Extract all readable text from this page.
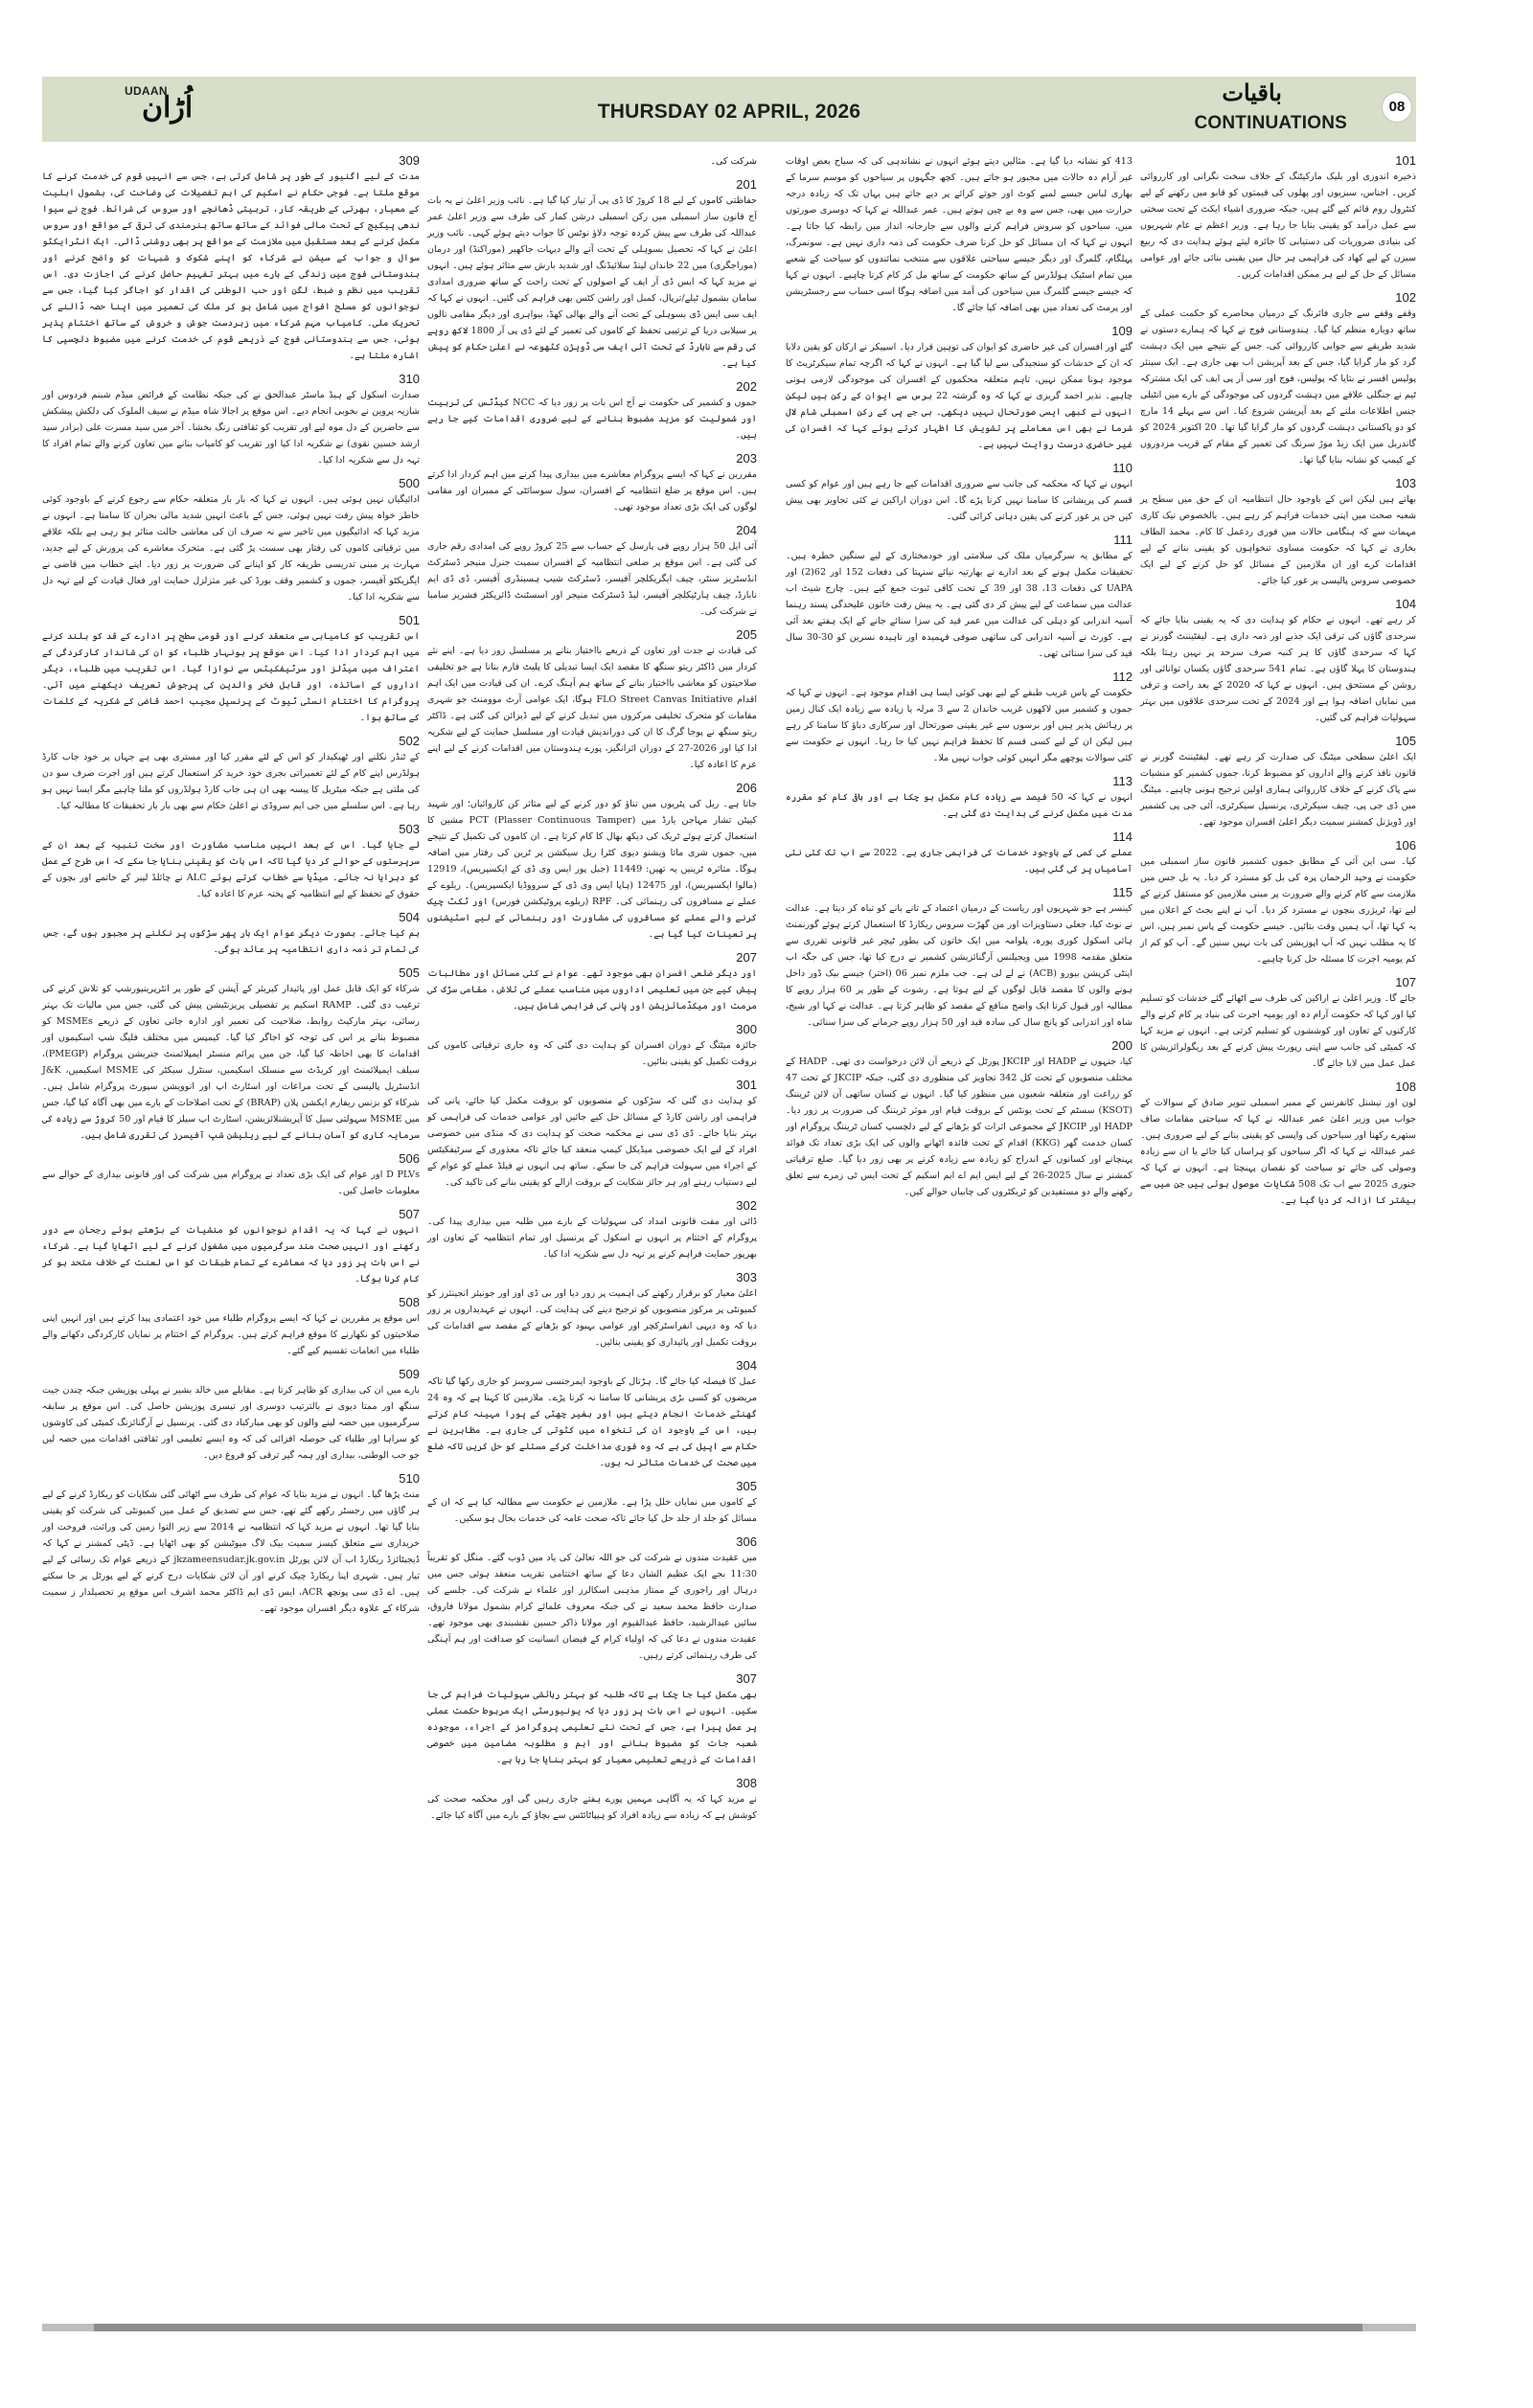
UDAAN
اُڑان	THURSDAY 02 APRIL, 2026
باقیات
CONTINUATIONS
08
309
مدت کے لیے اگنیور کے طور پر شامل کرتی ہے، جس سے انہیں قوم کی خدمت کرنے کا موقع ملتا ہے۔ فوجی حکام نے اسکیم کی اہم تفصیلات کی وضاحت کی، بشمول اہلیت کے معیار، بھرتی کے طریقہ کار، تربیتی ڈھانچے اور سروس کی شرائط۔ فوج نے سیوا ندھی پیکیج کے تحت مالی فوائد کے ساتھ ساتھ ہنرمندی کی ترقی کے مواقع اور سروس مکمل کرنے کے بعد مستقبل میں ملازمت کے مواقع پر بھی روشنی ڈالی۔ ایک انٹرایکٹو سوال و جواب کے سیشن نے شرکاء کو اپنے شکوک و شبہات کو واضح کرنے اور ہندوستانی فوج میں زندگی کے بارے میں بہتر تفہیم حاصل کرنے کی اجازت دی۔ اس تقریب میں نظم و ضبط، لگن اور حب الوطنی کی اقدار کو اجاگر کیا گیا، جس سے نوجوانوں کو مسلح افواج میں شامل ہو کر ملک کی تعمیر میں اپنا حصہ ڈالنے کی تحریک ملی۔ کامیاب مہم شرکاء میں زبردست جوش و خروش کے ساتھ اختتام پذیر ہوئی، جس سے ہندوستانی فوج کے ذریعے قوم کی خدمت کرنے میں مضبوط دلچسپی کا اشارہ ملتا ہے۔
310
صدارت اسکول کے ہیڈ ماسٹر عبدالحق نے کی جبکہ نظامت کے فرائض میڈم شبنم فردوس اور شازیہ پروین نے بخوبی انجام دیے۔ اس موقع پر اجالا شاہ میڈم نے سیف الملوک کی دلکش پیشکش سے حاضرین کے دل موہ لیے اور تقریب کو ثقافتی رنگ بخشا۔ آخر میں سید مسرت علی (برادر سید ارشد حسین نقوی) نے شکریہ ادا کیا اور تقریب کو کامیاب بنانے میں تعاون کرنے والے تمام افراد کا تہہ دل سے شکریہ ادا کیا۔
500
ادائیگیاں نہیں ہوئی ہیں۔ انہوں نے کہا کہ بار بار متعلقہ حکام سے رجوع کرنے کے باوجود کوئی خاطر خواہ پیش رفت نہیں ہوئی، جس کے باعث انہیں شدید مالی بحران کا سامنا ہے۔ انہوں نے مزید کہا کہ ادائیگیوں میں تاخیر سے نہ صرف ان کی معاشی حالت متاثر ہو رہی ہے بلکہ علاقے میں ترقیاتی کاموں کی رفتار بھی سست پڑ گئی ہے۔ متحرک معاشرے کی پرورش کے لیے جدید، مہارت پر مبنی تدریسی طریقہ کار کو اپنانے کی ضرورت پر زور دیا۔ اپنے خطاب میں قاضی نے ایگزیکٹو آفیسر، جموں و کشمیر وقف بورڈ کی غیر متزلزل حمایت اور فعال قیادت کے لیے تہہ دل سے شکریہ ادا کیا۔
501
اس تقریب کو کامیابی سے منعقد کرنے اور قومی سطح پر ادارے کے قد کو بلند کرنے میں اہم کردار ادا کیا۔ اس موقع پر ہونہار طلباء کو ان کی شاندار کارکردگی کے اعتراف میں میڈلز اور سرٹیفکیٹس سے نوازا گیا۔ اس تقریب میں طلباء، دیگر اداروں کے اساتذہ، اور قابل فخر والدین کی پرجوش تعریف دیکھنے میں آئی۔ پروگرام کا اختتام انسٹی ٹیوٹ کے پرنسپل مجیب احمد قاضی کے شکریہ کے کلمات کے ساتھ ہوا۔
502
کے ٹنڈر نکلنے اور ٹھیکیدار کو اس کے لئے مقرر کیا اور مستری بھی ہے جہاں پر خود جاب کارڈ ہولڈرس اپنے کام کے لئے تعمیراتی بجری خود خرید کر استعمال کرتے ہیں اور اجرت صرف سو دن کی ملتی ہے جبکہ میٹریل کا پیسہ بھی ان ہی جاب کارڈ ہولڈروں کو ملنا چاہیے مگر ایسا نہیں ہو رہا ہے۔ اس سلسلے میں جی ایم سروڈی نے اعلیٰ حکام سے بھی بار بار تحقیقات کا مطالبہ کیا۔
503
لے جایا گیا۔ اس کے بعد انہیں مناسب مشاورت اور سخت تنبیہ کے بعد ان کے سرپرستوں کے حوالے کر دیا گیا تاکہ اس بات کو یقینی بنایا جا سکے کہ اس طرح کے عمل کو دہرایا نہ جائے۔ میڈیا سے خطاب کرتے ہوئے ALC نے چائلڈ لیبر کے خاتمے اور بچوں کے حقوق کے تحفظ کے لیے انتظامیہ کے پختہ عزم کا اعادہ کیا۔
504
ہم کیا جائے۔ بصورت دیگر عوام ایک بار پھر سڑکوں پر نکلنے پر مجبور ہوں گے، جس کی تمام تر ذمہ داری انتظامیہ پر عائد ہوگی۔
505
شرکاء کو ایک قابل عمل اور پائیدار کیریئر کے آپشن کے طور پر انٹرپرینیورشپ کو تلاش کرنے کی ترغیب دی گئی۔ RAMP اسکیم پر تفصیلی پریزنٹیشن پیش کی گئی، جس میں مالیات تک بہتر رسائی، بہتر مارکیٹ روابط، صلاحیت کی تعمیر اور ادارہ جاتی تعاون کے ذریعے MSMEs کو مضبوط بنانے پر اس کی توجہ کو اجاگر کیا گیا۔ کیمپس میں مختلف فلیگ شپ اسکیموں اور اقدامات کا بھی احاطہ کیا گیا، جن میں پرائم منسٹر ایمپلائمنٹ جنریشن پروگرام (PMEGP)، سیلف ایمپلائمنٹ اور کریڈٹ سے منسلک اسکیمیں، سنٹرل سیکٹر کی MSME اسکیمیں، J&K انڈسٹریل پالیسی کے تحت مراعات اور اسٹارٹ اپ اور انوویشن سپورٹ پروگرام شامل ہیں۔ شرکاء کو بزنس ریفارم ایکشن پلان (BRAP) کے تحت اصلاحات کے بارے میں بھی آگاہ کیا گیا، جس میں MSME سہولتی سیل کا آپریشنلائزیشن، اسٹارٹ اپ سیلز کا قیام اور 50 کروڑ سے زیادہ کی سرمایہ کاری کو آسان بنانے کے لیے ریلیشن شپ آفیسرز کی تقرری شامل ہیں۔
506
D PLVs اور عوام کی ایک بڑی تعداد نے پروگرام میں شرکت کی اور قانونی بیداری کے حوالے سے معلومات حاصل کیں۔
507
انہوں نے کہا کہ یہ اقدام نوجوانوں کو منشیات کے بڑھتے ہوئے رجحان سے دور رکھنے اور انہیں صحت مند سرگرمیوں میں مشغول کرنے کے لیے اٹھایا گیا ہے۔ شرکاء نے اس بات پر زور دیا کہ معاشرے کے تمام طبقات کو اس لعنت کے خلاف متحد ہو کر کام کرنا ہوگا۔
508
اس موقع پر مقررین نے کہا کہ ایسے پروگرام طلباء میں خود اعتمادی پیدا کرتے ہیں اور انہیں اپنی صلاحیتوں کو نکھارنے کا موقع فراہم کرتے ہیں۔ پروگرام کے اختتام پر نمایاں کارکردگی دکھانے والے طلباء میں انعامات تقسیم کیے گئے۔
509
بارے میں ان کی بیداری کو ظاہر کرتا ہے۔ مقابلے میں خالد بشیر نے پہلی پوزیشن جبکہ چندن جیت سنگھ اور ممتا دیوی نے بالترتیب دوسری اور تیسری پوزیشن حاصل کی۔ اس موقع پر سابقہ سرگرمیوں میں حصہ لینے والوں کو بھی مبارکباد دی گئی۔ پرنسپل نے آرگنائزنگ کمیٹی کی کاوشوں کو سراہا اور طلباء کی حوصلہ افزائی کی کہ وہ ایسے تعلیمی اور ثقافتی اقدامات میں حصہ لیں جو حب الوطنی، بیداری اور ہمہ گیر ترقی کو فروغ دیں۔
510
منٹ پڑھا گیا۔ انہوں نے مزید بتایا کہ عوام کی طرف سے اٹھائی گئی شکایات کو ریکارڈ کرنے کے لیے ہر گاؤں میں رجسٹر رکھے گئے تھے، جس سے تصدیق کے عمل میں کمیونٹی کی شرکت کو یقینی بنایا گیا تھا۔ انہوں نے مزید کہا کہ انتظامیہ نے 2014 سے زیر التوا زمین کی وراثت، فروخت اور خریداری سے متعلق کیسز سمیت بیک لاگ میوٹیشن کو بھی اٹھایا ہے۔ ڈپٹی کمشنر نے کہا کہ ڈیجیٹائزڈ ریکارڈ اب آن لائن پورٹل jkzameensudar.jk.gov.in کے ذریعے عوام تک رسائی کے لیے تیار ہیں۔ شہری اپنا ریکارڈ چیک کرنے اور آن لائن شکایات درج کرنے کے لیے پورٹل پر جا سکتے ہیں۔ اے ڈی سی پونچھ ACR، ایس ڈی ایم ڈاکٹر محمد اشرف اس موقع پر تحصیلدار ز سمیت شرکاء کے علاوہ دیگر افسران موجود تھے۔
شرکت کی۔
201
حفاظتی کاموں کے لیے 18 کروڑ کا ڈی پی آر تیار کیا گیا ہے۔ نائب وزیر اعلیٰ نے یہ بات آج قانون ساز اسمبلی میں رکن اسمبلی درشن کمار کی طرف سے وزیر اعلیٰ عمر عبداللہ کی طرف سے پیش کردہ توجہ دلاؤ نوٹس کا جواب دیتے ہوئے کہی۔ نائب وزیر اعلیٰ نے کہا کہ تحصیل بسوہلی کے تحت آنے والے دیہات جاکھیر (موراکنڈ) اور درمان (موراجگری) میں 22 خاندان لینڈ سلائیڈنگ اور شدید بارش سے متاثر ہوئے ہیں۔ انہوں نے مزید کہا کہ ایس ڈی آر ایف کے اصولوں کے تحت راحت کے ساتھ ضروری امدادی سامان بشمول ٹیلے/ترپال، کمبل اور راشن کٹس بھی فراہم کی گئیں۔ انہوں نے کہا کہ ایف سی ایس ڈی بسوہلی کے تحت آنے والے بھالی کھڈ، بیواہری اور دیگر مقامی نالوں پر سیلابی دریا کے ترتیبی تحفظ کے کاموں کی تعمیر کے لئے ڈی پی آر 1800 لاکھ روپے کی رقم سے نابارڈ کے تحت آئی ایف سی ڈویژن کٹھوعہ نے اعلیٰ حکام کو پیش کیا ہے۔
202
جموں و کشمیر کی حکومت نے آج اس بات پر زور دیا کہ NCC کیڈٹس کی تربیت اور شمولیت کو مزید مضبوط بنانے کے لیے ضروری اقدامات کیے جا رہے ہیں۔
203
مقررین نے کہا کہ ایسے پروگرام معاشرے میں بیداری پیدا کرنے میں اہم کردار ادا کرتے ہیں۔ اس موقع پر ضلع انتظامیہ کے افسران، سول سوسائٹی کے ممبران اور مقامی لوگوں کی ایک بڑی تعداد موجود تھی۔
204
آئی ایل 50 ہزار روپے فی پارسل کے حساب سے 25 کروڑ روپے کی امدادی رقم جاری کی گئی ہے۔ اس موقع پر ضلعی انتظامیہ کے افسران سمیت جنرل منیجر ڈسٹرکٹ انڈسٹریز سنٹر، چیف ایگریکلچر آفیسر، ڈسٹرکٹ شیپ ہسبنڈری آفیسر، ڈی ڈی ایم نابارڈ، چیف ہارٹیکلچر آفیسر، لیڈ ڈسٹرکٹ منیجر اور اسسٹنٹ ڈائریکٹر فشریز سامبا نے شرکت کی۔
205
کی قیادت نے جدت اور تعاون کے ذریعے بااختیار بنانے پر مسلسل زور دیا ہے۔ اپنے نئے کردار میں ڈاکٹر ریتو سنگھ کا مقصد ایک ایسا تبدیلی کا پلیٹ فارم بنانا ہے جو تخلیقی صلاحیتوں کو معاشی بااختیار بنانے کے ساتھ ہم آہنگ کرے۔ ان کی قیادت میں ایک اہم اقدام FLO Street Canvas Initiative ہوگا، ایک عوامی آرٹ موومنٹ جو شہری مقامات کو متحرک تخلیقی مرکزوں میں تبدیل کرنے کے لیے ڈیزائن کی گئی ہے۔ ڈاکٹر ریتو سنگھ نے پوجا گرگ کا ان کی دوراندیش قیادت اور مسلسل حمایت کے لیے شکریہ ادا کیا اور 2026-27 کے دوران اثرانگیز، پورے ہندوستان میں اقدامات کرنے کے لیے اپنے عزم کا اعادہ کیا۔
206
جاتا ہے۔ ریل کی پٹریوں میں تناؤ کو دور کرنے کے لیے متاثر کن کاروائیاں؛ اور شہید کیپٹن تشار مہاجن یارڈ میں PCT (Plasser Continuous Tamper) مشین کا استعمال کرتے ہوئے ٹریک کی دیکھ بھال کا کام کرتا ہے۔ ان کاموں کی تکمیل کے نتیجے میں، جموں شری ماتا ویشنو دیوی کٹرا ریل سیکشن پر ٹرین کی رفتار میں اضافہ ہوگا۔ متاثرہ ٹرینیں یہ تھیں: 11449 (جبل پور ایس وی ڈی کے ایکسپریس)، 12919 (مالوا ایکسپریس)، اور 12475 (ہاپا ایس وی ڈی کے سرووڈیا ایکسپریس)۔ ریلوے کے عملے نے مسافروں کی رہنمائی کی۔ RPF (ریلوے پروٹیکشن فورس) اور ٹکٹ چیک کرنے والے عملے کو مسافروں کی مشاورت اور رہنمائی کے لیے اسٹیشنوں پر تعینات کیا گیا ہے۔
207
اور دیگر ضلعی افسران بھی موجود تھے۔ عوام نے کئی مسائل اور مطالبات پیش کیے جن میں تعلیمی اداروں میں مناسب عملے کی تلاش، مقامی سڑک کی مرمت اور میکڈمائزیشن اور پانی کی فراہمی شامل ہیں۔
300
جائزہ میٹنگ کے دوران افسران کو ہدایت دی گئی کہ وہ جاری ترقیاتی کاموں کی بروقت تکمیل کو یقینی بنائیں۔
301
کو ہدایت دی گئی کہ سڑکوں کے منصوبوں کو بروقت مکمل کیا جائے، پانی کی فراہمی اور راشن کارڈ کے مسائل حل کیے جائیں اور عوامی خدمات کی فراہمی کو بہتر بنایا جائے۔ ڈی ڈی سی نے محکمہ صحت کو ہدایت دی کہ منڈی میں خصوصی افراد کے لیے ایک خصوصی میڈیکل کیمپ منعقد کیا جائے تاکہ معذوری کے سرٹیفکیٹس کے اجراء میں سہولت فراہم کی جا سکے۔ ساتھ ہی انہوں نے فیلڈ عملے کو عوام کے لیے دستیاب رہنے اور ہر جائز شکایت کے بروقت ازالے کو یقینی بنانے کی تاکید کی۔
302
ڈائی اور مفت قانونی امداد کی سہولیات کے بارے میں طلبہ میں بیداری پیدا کی۔ پروگرام کے اختتام پر انہوں نے اسکول کے پرنسپل اور تمام انتظامیہ کے تعاون اور بھرپور حمایت فراہم کرنے پر تہہ دل سے شکریہ ادا کیا۔
303
اعلیٰ معیار کو برقرار رکھنے کی اہمیت پر زور دیا اور بی ڈی اوز اور جونیئر انجینئرز کو کمیونٹی پر مرکوز منصوبوں کو ترجیح دینے کی ہدایت کی۔ انہوں نے عہدیداروں پر زور دیا کہ وہ دیہی انفراسٹرکچر اور عوامی بہبود کو بڑھانے کے مقصد سے اقدامات کی بروقت تکمیل اور پائیداری کو یقینی بنائیں۔
304
عمل کا فیصلہ کیا جائے گا۔ ہڑتال کے باوجود ایمرجنسی سروسز کو جاری رکھا گیا تاکہ مریضوں کو کسی بڑی پریشانی کا سامنا نہ کرنا پڑے۔ ملازمین کا کہنا ہے کہ وہ 24 گھنٹے خدمات انجام دیتے ہیں اور بغیر چھٹی کے پورا مہینہ کام کرتے ہیں، اس کے باوجود ان کی تنخواہ میں کٹوتی کی جاری ہے۔ مظاہرین نے حکام سے اپیل کی ہے کہ وہ فوری مداخلت کرکے مسئلے کو حل کریں تاکہ ضلع میں صحت کی خدمات متاثر نہ ہوں۔
305
کے کاموں میں نمایاں خلل پڑا ہے۔ ملازمین نے حکومت سے مطالبہ کیا ہے کہ ان کے مسائل کو جلد از جلد حل کیا جائے تاکہ صحت عامہ کی خدمات بحال ہو سکیں۔
306
میں عقیدت مندوں نے شرکت کی جو اللہ تعالیٰ کی یاد میں ڈوب گئے۔ منگل کو تقریباً 11:30 بجے ایک عظیم الشان دعا کے ساتھ اختتامی تقریب منعقد ہوئی جس میں درہال اور راجوری کے ممتاز مذہبی اسکالرز اور علماء نے شرکت کی۔ جلسے کی صدارت حافظ محمد سعید نے کی جبکہ معروف علمائے کرام بشمول مولانا فاروق، سائیں عبدالرشید، حافظ عبدالقیوم اور مولانا ذاکر حسین نقشبندی بھی موجود تھے۔ عقیدت مندوں نے دعا کی کہ اولیاء کرام کے فیضان انسانیت کو صداقت اور ہم آہنگی کی طرف رہنمائی کرتے رہیں۔
307
بھی مکمل کیا جا چکا ہے تاکہ طلبہ کو بہتر رہائشی سہولیات فراہم کی جا سکیں۔ انہوں نے اس بات پر زور دیا کہ یونیورسٹی ایک مربوط حکمت عملی پر عمل پیرا ہے، جس کے تحت نئے تعلیمی پروگرامز کے اجراء، موجودہ شعبہ جات کو مضبوط بنانے اور اہم و مطلوبہ مضامین میں خصوصی اقدامات کے ذریعے تعلیمی معیار کو بہتر بنایا جا رہا ہے۔
308
نے مزید کہا کہ یہ آگاہی مہمیں پورے ہفتے جاری رہیں گی اور محکمہ صحت کی کوشش ہے کہ زیادہ سے زیادہ افراد کو ہیپاٹائٹس سے بچاؤ کے بارے میں آگاہ کیا جائے۔
413 کو نشانہ دیا گیا ہے۔ مثالیں دیتے ہوئے انہوں نے نشاندہی کی کہ سیاح بعض اوقات غیر آرام دہ حالات میں مجبور ہو جاتے ہیں۔ کچھ جگہوں پر سیاحوں کو موسم سرما کے بھاری لباس جیسے لمبے کوٹ اور جوتے کرائے پر دیے جاتے ہیں یہاں تک کہ زیادہ درجہ حرارت میں بھی، جس سے وہ بے چین ہوتے ہیں۔ عمر عبداللہ نے کہا کہ دوسری صورتوں میں، سیاحوں کو سروس فراہم کرنے والوں سے جارحانہ انداز میں رابطہ کیا جاتا ہے۔ انہوں نے کہا کہ ان مسائل کو حل کرنا صرف حکومت کی ذمہ داری نہیں ہے۔ سونمرگ، پہلگام، گلمرگ اور دیگر جیسے سیاحتی علاقوں سے منتخب نمائندوں کو سیاحت کے شعبے میں تمام اسٹیک ہولڈرس کے ساتھ حکومت کے ساتھ مل کر کام کرنا چاہیے۔ انہوں نے کہا کہ جیسے جیسے گلمرگ میں سیاحوں کی آمد میں اضافہ ہوگا اسی حساب سے رجسٹریشن اور پرمٹ کی تعداد میں بھی اضافہ کیا جائے گا۔
109
گئے اور افسران کی غیر حاضری کو ایوان کی توہین قرار دیا۔ اسپیکر نے ارکان کو یقین دلایا کہ ان کے خدشات کو سنجیدگی سے لیا گیا ہے۔ انہوں نے کہا کہ اگرچہ تمام سیکرٹریٹ کا موجود ہونا ممکن نہیں، تاہم متعلقہ محکموں کے افسران کی موجودگی لازمی ہونی چاہیے۔ نذیر احمد گریزی نے کہا کہ وہ گزشتہ 22 برس سے ایوان کے رکن ہیں لیکن انہوں نے کبھی ایسی صورتحال نہیں دیکھی۔ بی جے پی کے رکن اسمبلی شام لال شرما نے بھی اس معاملے پر تشویش کا اظہار کرتے ہوئے کہا کہ افسران کی غیر حاضری درست روایت نہیں ہے۔
110
انہوں نے کہا کہ محکمہ کی جانب سے ضروری اقدامات کیے جا رہے ہیں اور عوام کو کسی قسم کی پریشانی کا سامنا نہیں کرنا پڑے گا۔ اس دوران اراکین نے کئی تجاویز بھی پیش کیں جن پر غور کرنے کی یقین دہانی کرائی گئی۔
111
کے مطابق یہ سرگرمیاں ملک کی سلامتی اور خودمختاری کے لیے سنگین خطرہ ہیں۔ تحقیقات مکمل ہونے کے بعد ادارے نے بھارتیہ نیائے سنہتا کی دفعات 152 اور 62(2) اور UAPA کی دفعات 13، 38 اور 39 کے تحت کافی ثبوت جمع کیے ہیں۔ چارج شیٹ اب عدالت میں سماعت کے لیے پیش کر دی گئی ہے۔ یہ پیش رفت خاتون علیحدگی پسند رہنما آسیہ اندرابی کو دہلی کی عدالت میں عمر قید کی سزا سنائے جانے کے ایک ہفتے بعد آئی ہے۔ کورٹ نے آسیہ اندرابی کی ساتھی صوفی فہمیدہ اور ناہیدہ نسرین کو 30-30 سال قید کی سزا سنائی تھی۔
112
حکومت کے پاس غریب طبقے کے لیے بھی کوئی ایسا ہی اقدام موجود ہے۔ انہوں نے کہا کہ جموں و کشمیر میں لاکھوں غریب خاندان 2 سے 3 مرلہ یا زیادہ سے زیادہ ایک کنال زمین پر رہائش پذیر ہیں اور برسوں سے غیر یقینی صورتحال اور سرکاری دباؤ کا سامنا کر رہے ہیں لیکن ان کے لیے کسی قسم کا تحفظ فراہم نہیں کیا جا رہا۔ انہوں نے حکومت سے کئی سوالات پوچھے مگر انہیں کوئی جواب نہیں ملا۔
113
انہوں نے کہا کہ 50 فیصد سے زیادہ کام مکمل ہو چکا ہے اور باقی کام کو مقررہ مدت میں مکمل کرنے کی ہدایت دی گئی ہے۔
114
عملے کی کمی کے باوجود خدمات کی فراہمی جاری ہے۔ 2022 سے اب تک کئی نئی آسامیاں پر کی گئی ہیں۔
115
کینسر ہے جو شہریوں اور ریاست کے درمیان اعتماد کے تانے بانے کو تباہ کر دیتا ہے۔ عدالت نے نوٹ کیا، جعلی دستاویزات اور من گھڑت سروس ریکارڈ کا استعمال کرتے ہوئے گورنمنٹ ہائی اسکول کوری پورہ، پلوامہ میں ایک خاتون کی بطور ٹیچر غیر قانونی تقرری سے متعلق مقدمہ 1998 میں ویجیلنس آرگنائزیشن کشمیر نے درج کیا تھا، جس کی جگہ اب اینٹی کرپشن بیورو (ACB) نے لے لی ہے۔ جب ملزم نمبر 06 (اختر) جیسے بیک ڈور داخل ہونے والوں کا مقصد قابل لوگوں کے لیے ہوتا ہے۔ رشوت کے طور پر 60 ہزار روپے کا مطالبہ اور قبول کرنا ایک واضح منافع کے مقصد کو ظاہر کرتا ہے۔ عدالت نے کہا اور شیخ، شاہ اور اندرابی کو پانچ سال کی سادہ قید اور 50 ہزار روپے جرمانے کی سزا سنائی۔
200
کیا، جنہوں نے HADP اور JKCIP پورٹل کے ذریعے آن لائن درخواست دی تھی۔ HADP کے مختلف منصوبوں کے تحت کل 342 تجاویز کی منظوری دی گئی، جبکہ JKCIP کے تحت 47 کو زراعت اور متعلقہ شعبوں میں منظور کیا گیا۔ انہوں نے کسان ساتھی آن لائن ٹریننگ (KSOT) سسٹم کے تحت یونٹس کے بروقت قیام اور موثر ٹریننگ کی ضرورت پر زور دیا۔ HADP اور JKCIP کے مجموعی اثرات کو بڑھانے کے لیے دلچسپ کسان ٹریننگ پروگرام اور کسان خدمت گھر (KKG) اقدام کے تحت فائدہ اٹھانے والوں کی ایک بڑی تعداد تک فوائد پہنچانے اور کسانوں کے اندراج کو زیادہ سے زیادہ کرنے پر بھی زور دیا گیا۔ ضلع ترقیاتی کمشنر نے سال 2025-26 کے لیے ایس ایم اے ایم اسکیم کے تحت ایس ٹی زمرے سے تعلق رکھنے والے دو مستفیدین کو ٹریکٹروں کی چابیاں حوالے کیں۔
101
ذخیرہ اندوزی اور بلیک مارکیٹنگ کے خلاف سخت نگرانی اور کارروائی کریں۔ اجناس، سبزیوں اور پھلوں کی قیمتوں کو قابو میں رکھنے کے لیے کنٹرول روم قائم کیے گئے ہیں، جبکہ ضروری اشیاء ایکٹ کے تحت سختی سے عمل درآمد کو یقینی بنایا جا رہا ہے۔ وزیر اعظم نے عام شہریوں کی بنیادی ضروریات کی دستیابی کا جائزہ لیتے ہوئے ہدایت دی کہ ربیع سیزن کے لیے کھاد کی فراہمی ہر حال میں یقینی بنائی جائے اور عوامی مسائل کے حل کے لیے ہر ممکن اقدامات کریں۔
102
وقفے وقفے سے جاری فائرنگ کے درمیان محاصرے کو حکمت عملی کے ساتھ دوبارہ منظم کیا گیا۔ ہندوستانی فوج نے کہا کہ ہمارے دستوں نے شدید طریقے سے جوابی کارروائی کی، جس کے نتیجے میں ایک دہشت گرد کو مار گرایا گیا، جس کے بعد آپریشن اب بھی جاری ہے۔ ایک سینئر پولیس افسر نے بتایا کہ پولیس، فوج اور سی آر پی ایف کی ایک مشترکہ ٹیم نے جنگلی علاقے میں دہشت گردوں کی موجودگی کے بارے میں انٹیلی جنس اطلاعات ملنے کے بعد آپریشن شروع کیا۔ اس سے پہلے 14 مارچ کو دو پاکستانی دہشت گردوں کو مار گرایا گیا تھا۔ 20 اکتوبر 2024 کو گاندربل میں ایک زیڈ موڑ سرنگ کی تعمیر کے مقام کے قریب مزدوروں کے کیمپ کو نشانہ بنایا گیا تھا۔
103
بھاتے ہیں لیکن اس کے باوجود حال انتظامیہ ان کے حق میں سطح پر شعبہ صحت میں اپنی خدمات فراہم کر رہے ہیں۔ بالخصوص نیک کاری مہمات سے کہ ہنگامی حالات میں فوری ردعمل کا کام۔ محمد الطاف بخاری نے کہا کہ حکومت مساوی تنخواہوں کو یقینی بنانے کے لیے اقدامات کرے اور ان ملازمین کے مسائل کو حل کرنے کے لیے ایک خصوصی سروس پالیسی پر غور کیا جائے۔
104
کر رہے تھے۔ انہوں نے حکام کو ہدایت دی کہ یہ یقینی بنایا جائے کہ سرحدی گاؤں کی ترقی ایک جذبے اور ذمہ داری ہے۔ لیفٹیننٹ گورنر نے کہا کہ سرحدی گاؤں کا ہر کنبہ صرف سرحد پر نہیں رہتا بلکہ ہندوستان کا پہلا گاؤں ہے۔ تمام 541 سرحدی گاؤں یکساں توانائی اور روشن کے مستحق ہیں۔ انہوں نے کہا کہ 2020 کے بعد راحت و ترقی میں نمایاں اضافہ ہوا ہے اور 2024 کے تحت سرحدی علاقوں میں بہتر سہولیات فراہم کی گئیں۔
105
ایک اعلیٰ سطحی میٹنگ کی صدارت کر رہے تھے۔ لیفٹیننٹ گورنر نے قانون نافذ کرنے والے اداروں کو مضبوط کرنا، جموں کشمیر کو منشیات سے پاک کرنے کے خلاف کارروائی ہماری اولین ترجیح ہونی چاہیے۔ میٹنگ میں ڈی جی پی، چیف سیکرٹری، پرنسپل سیکرٹری، آئی جی پی کشمیر اور ڈویژنل کمشنر سمیت دیگر اعلیٰ افسران موجود تھے۔
106
کیا۔ سی این آئی کے مطابق جموں کشمیر قانون ساز اسمبلی میں حکومت نے وحید الرحمان پرہ کی بل کو مسترد کر دیا۔ یہ بل جس میں ملازمت سے کام کرنے والے ضرورت پر مبنی ملازمین کو مستقل کرنے کے لیے تھا، ٹریژری بنچوں نے مسترد کر دیا۔ آپ نے اپنے بجٹ کے اعلان میں یہ کہا تھا، آپ ہمیں وقت بتائیں۔ جیسے حکومت کے پاس نمبر ہیں، اس کا یہ مطلب نہیں کہ آپ اپوزیشن کی بات نہیں سنیں گے۔ آپ کو کم از کم یومیہ اجرت کا مسئلہ حل کرنا چاہیے۔
107
جائے گا۔ وزیر اعلیٰ نے اراکین کی طرف سے اٹھائے گئے خدشات کو تسلیم کیا اور کہا کہ حکومت آرام دہ اور یومیہ اجرت کی بنیاد پر کام کرنے والے کارکنوں کے تعاون اور کوششوں کو تسلیم کرتی ہے۔ انہوں نے مزید کہا کہ کمیٹی کی جانب سے اپنی رپورٹ پیش کرنے کے بعد ریگولرائزیشن کا عمل عمل میں لایا جائے گا۔
108
لون اور نیشنل کانفرنس کے ممبر اسمبلی تنویر صادق کے سوالات کے جواب میں وزیر اعلیٰ عمر عبداللہ نے کہا کہ سیاحتی مقامات صاف ستھرے رکھنا اور سیاحوں کی واپسی کو یقینی بنانے کے لیے ضروری ہیں۔ عمر عبداللہ نے کہا کہ اگر سیاحوں کو ہراساں کیا جائے یا ان سے زیادہ وصولی کی جائے تو سیاحت کو نقصان پہنچتا ہے۔ انہوں نے کہا کہ جنوری 2025 سے اب تک 508 شکایات موصول ہوئی ہیں جن میں سے بیشتر کا ازالہ کر دیا گیا ہے۔
